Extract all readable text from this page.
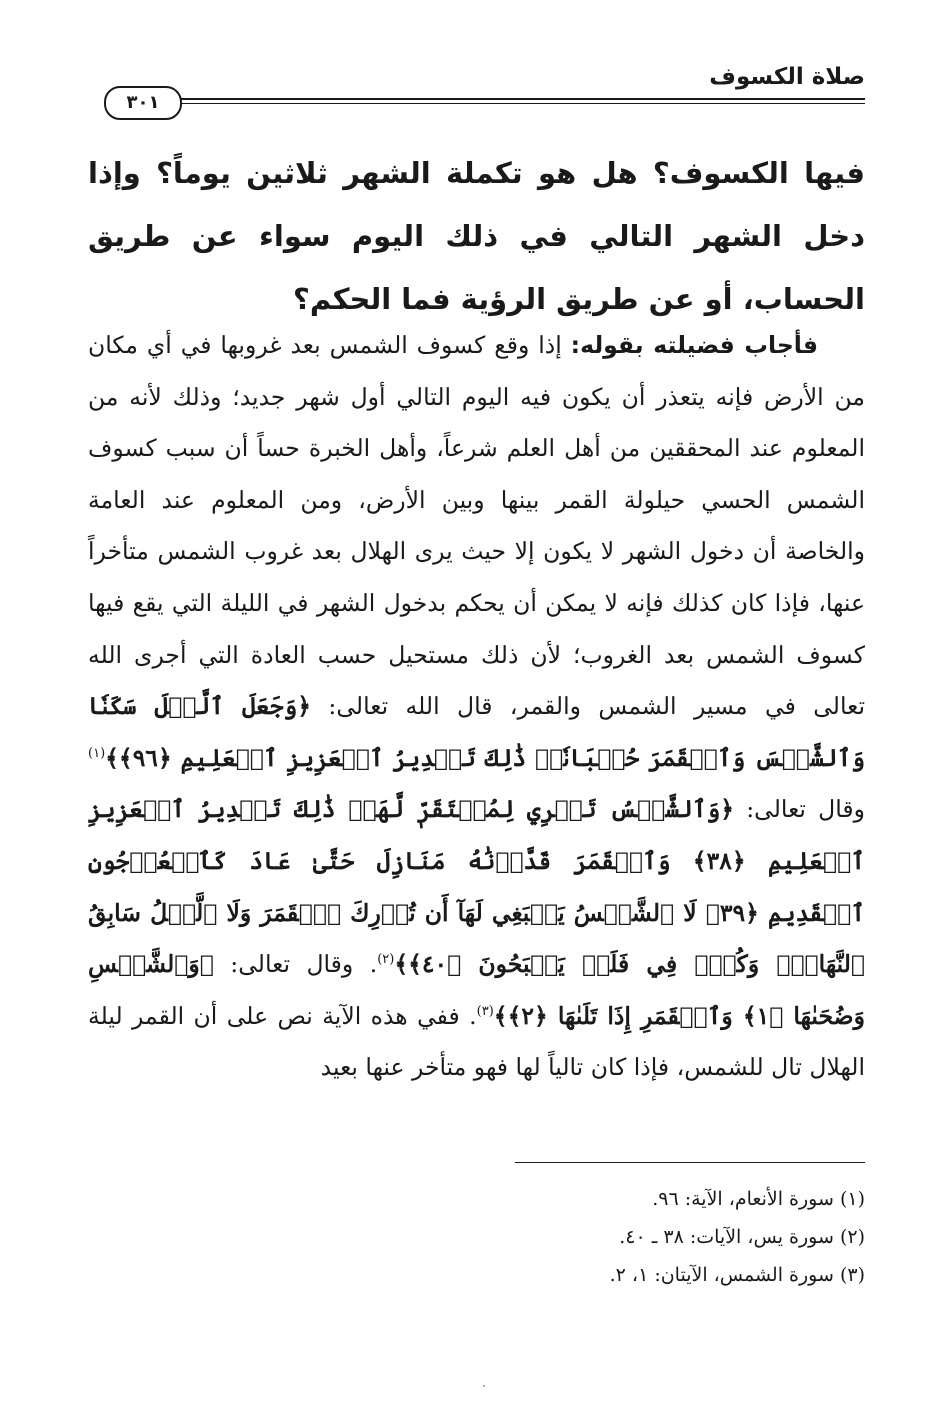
صلاة الكسوف
٣٠١
فيها الكسوف؟ هل هو تكملة الشهر ثلاثين يوماً؟ وإذا دخل الشهر التالي في ذلك اليوم سواء عن طريق الحساب، أو عن طريق الرؤية فما الحكم؟

  فأجاب فضيلته بقوله: إذا وقع كسوف الشمس بعد غروبها في أي مكان من الأرض فإنه يتعذر أن يكون فيه اليوم التالي أول شهر جديد؛ وذلك لأنه من المعلوم عند المحققين من أهل العلم شرعاً، وأهل الخبرة حساً أن سبب كسوف الشمس الحسي حيلولة القمر بينها وبين الأرض، ومن المعلوم عند العامة والخاصة أن دخول الشهر لا يكون إلا حيث يرى الهلال بعد غروب الشمس متأخراً عنها، فإذا كان كذلك فإنه لا يمكن أن يحكم بدخول الشهر في الليلة التي يقع فيها كسوف الشمس بعد الغروب؛ لأن ذلك مستحيل حسب العادة التي أجرى الله تعالى في مسير الشمس والقمر، قال الله تعالى: ﴿وَجَعَلَ ٱلَّيۡلَ سَكَنٗا وَٱلشَّمۡسَ وَٱلۡقَمَرَ حُسۡبَانٗاۚ ذَٰلِكَ تَقۡدِيرُ ٱلۡعَزِيزِ ٱلۡعَلِيمِ ﴿٩٦﴾﴾$^{(١)}$ وقال تعالى: ﴿وَٱلشَّمۡسُ تَجۡرِي لِمُسۡتَقَرّٖ لَّهَاۚ ذَٰلِكَ تَقۡدِيرُ ٱلۡعَزِيزِ ٱلۡعَلِيمِ ﴿٣٨﴾ وَٱلۡقَمَرَ قَدَّرۡنَٰهُ مَنَازِلَ حَتَّىٰ عَادَ كَٱلۡعُرۡجُونِ ٱلۡقَدِيمِ ﴿٣٩﴾ لَا ٱلشَّمۡسُ يَنۢبَغِي لَهَآ أَن تُدۡرِكَ ٱلۡقَمَرَ وَلَا ٱلَّيۡلُ سَابِقُ ٱلنَّهَارِۚ وَكُلّٞ فِي فَلَكٖ يَسۡبَحُونَ ﴿٤٠﴾﴾$^{(٢)}$. وقال تعالى: ﴿وَٱلشَّمۡسِ وَضُحَىٰهَا ﴿١﴾ وَٱلۡقَمَرِ إِذَا تَلَىٰهَا ﴿٢﴾﴾$^{(٣)}$. ففي هذه الآية نص على أن القمر ليلة الهلال تال للشمس، فإذا كان تالياً لها فهو متأخر عنها بعيد

(١) سورة الأنعام، الآية: ٩٦.
(٢) سورة يس، الآيات: ٣٨ ـ ٤٠.
(٣) سورة الشمس، الآيتان: ١، ٢.
